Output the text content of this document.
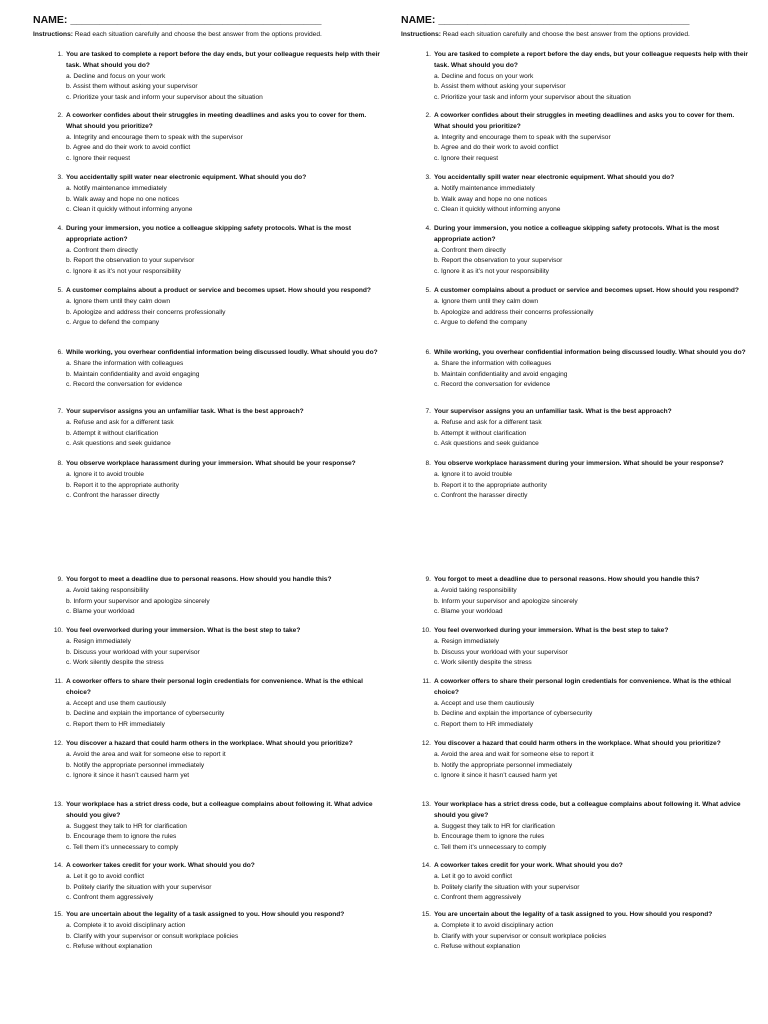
NAME: ___________________________________________
Instructions: Read each situation carefully and choose the best answer from the options provided.
1. You are tasked to complete a report before the day ends, but your colleague requests help with their task. What should you do?
a. Decline and focus on your work
b. Assist them without asking your supervisor
c. Prioritize your task and inform your supervisor about the situation
2. A coworker confides about their struggles in meeting deadlines and asks you to cover for them. What should you prioritize?
a. Integrity and encourage them to speak with the supervisor
b. Agree and do their work to avoid conflict
c. Ignore their request
3. You accidentally spill water near electronic equipment. What should you do?
a. Notify maintenance immediately
b. Walk away and hope no one notices
c. Clean it quickly without informing anyone
4. During your immersion, you notice a colleague skipping safety protocols. What is the most appropriate action?
a. Confront them directly
b. Report the observation to your supervisor
c. Ignore it as it’s not your responsibility
5. A customer complains about a product or service and becomes upset. How should you respond?
a. Ignore them until they calm down
b. Apologize and address their concerns professionally
c. Argue to defend the company
6. While working, you overhear confidential information being discussed loudly. What should you do?
a. Share the information with colleagues
b. Maintain confidentiality and avoid engaging
c. Record the conversation for evidence
7. Your supervisor assigns you an unfamiliar task. What is the best approach?
a. Refuse and ask for a different task
b. Attempt it without clarification
c. Ask questions and seek guidance
8. You observe workplace harassment during your immersion. What should be your response?
a. Ignore it to avoid trouble
b. Report it to the appropriate authority
c. Confront the harasser directly
9. You forgot to meet a deadline due to personal reasons. How should you handle this?
a. Avoid taking responsibility
b. Inform your supervisor and apologize sincerely
c. Blame your workload
10. You feel overworked during your immersion. What is the best step to take?
a. Resign immediately
b. Discuss your workload with your supervisor
c. Work silently despite the stress
11. A coworker offers to share their personal login credentials for convenience. What is the ethical choice?
a. Accept and use them cautiously
b. Decline and explain the importance of cybersecurity
c. Report them to HR immediately
12. You discover a hazard that could harm others in the workplace. What should you prioritize?
a. Avoid the area and wait for someone else to report it
b. Notify the appropriate personnel immediately
c. Ignore it since it hasn’t caused harm yet
13. Your workplace has a strict dress code, but a colleague complains about following it. What advice should you give?
a. Suggest they talk to HR for clarification
b. Encourage them to ignore the rules
c. Tell them it’s unnecessary to comply
14. A coworker takes credit for your work. What should you do?
a. Let it go to avoid conflict
b. Politely clarify the situation with your supervisor
c. Confront them aggressively
15. You are uncertain about the legality of a task assigned to you. How should you respond?
a. Complete it to avoid disciplinary action
b. Clarify with your supervisor or consult workplace policies
c. Refuse without explanation
NAME: ___________________________________________
Instructions: Read each situation carefully and choose the best answer from the options provided.
1. You are tasked to complete a report before the day ends, but your colleague requests help with their task. What should you do?
a. Decline and focus on your work
b. Assist them without asking your supervisor
c. Prioritize your task and inform your supervisor about the situation
2. A coworker confides about their struggles in meeting deadlines and asks you to cover for them. What should you prioritize?
a. Integrity and encourage them to speak with the supervisor
b. Agree and do their work to avoid conflict
c. Ignore their request
3. You accidentally spill water near electronic equipment. What should you do?
a. Notify maintenance immediately
b. Walk away and hope no one notices
c. Clean it quickly without informing anyone
4. During your immersion, you notice a colleague skipping safety protocols. What is the most appropriate action?
a. Confront them directly
b. Report the observation to your supervisor
c. Ignore it as it’s not your responsibility
5. A customer complains about a product or service and becomes upset. How should you respond?
a. Ignore them until they calm down
b. Apologize and address their concerns professionally
c. Argue to defend the company
6. While working, you overhear confidential information being discussed loudly. What should you do?
a. Share the information with colleagues
b. Maintain confidentiality and avoid engaging
c. Record the conversation for evidence
7. Your supervisor assigns you an unfamiliar task. What is the best approach?
a. Refuse and ask for a different task
b. Attempt it without clarification
c. Ask questions and seek guidance
8. You observe workplace harassment during your immersion. What should be your response?
a. Ignore it to avoid trouble
b. Report it to the appropriate authority
c. Confront the harasser directly
9. You forgot to meet a deadline due to personal reasons. How should you handle this?
a. Avoid taking responsibility
b. Inform your supervisor and apologize sincerely
c. Blame your workload
10. You feel overworked during your immersion. What is the best step to take?
a. Resign immediately
b. Discuss your workload with your supervisor
c. Work silently despite the stress
11. A coworker offers to share their personal login credentials for convenience. What is the ethical choice?
a. Accept and use them cautiously
b. Decline and explain the importance of cybersecurity
c. Report them to HR immediately
12. You discover a hazard that could harm others in the workplace. What should you prioritize?
a. Avoid the area and wait for someone else to report it
b. Notify the appropriate personnel immediately
c. Ignore it since it hasn’t caused harm yet
13. Your workplace has a strict dress code, but a colleague complains about following it. What advice should you give?
a. Suggest they talk to HR for clarification
b. Encourage them to ignore the rules
c. Tell them it’s unnecessary to comply
14. A coworker takes credit for your work. What should you do?
a. Let it go to avoid conflict
b. Politely clarify the situation with your supervisor
c. Confront them aggressively
15. You are uncertain about the legality of a task assigned to you. How should you respond?
a. Complete it to avoid disciplinary action
b. Clarify with your supervisor or consult workplace policies
c. Refuse without explanation
